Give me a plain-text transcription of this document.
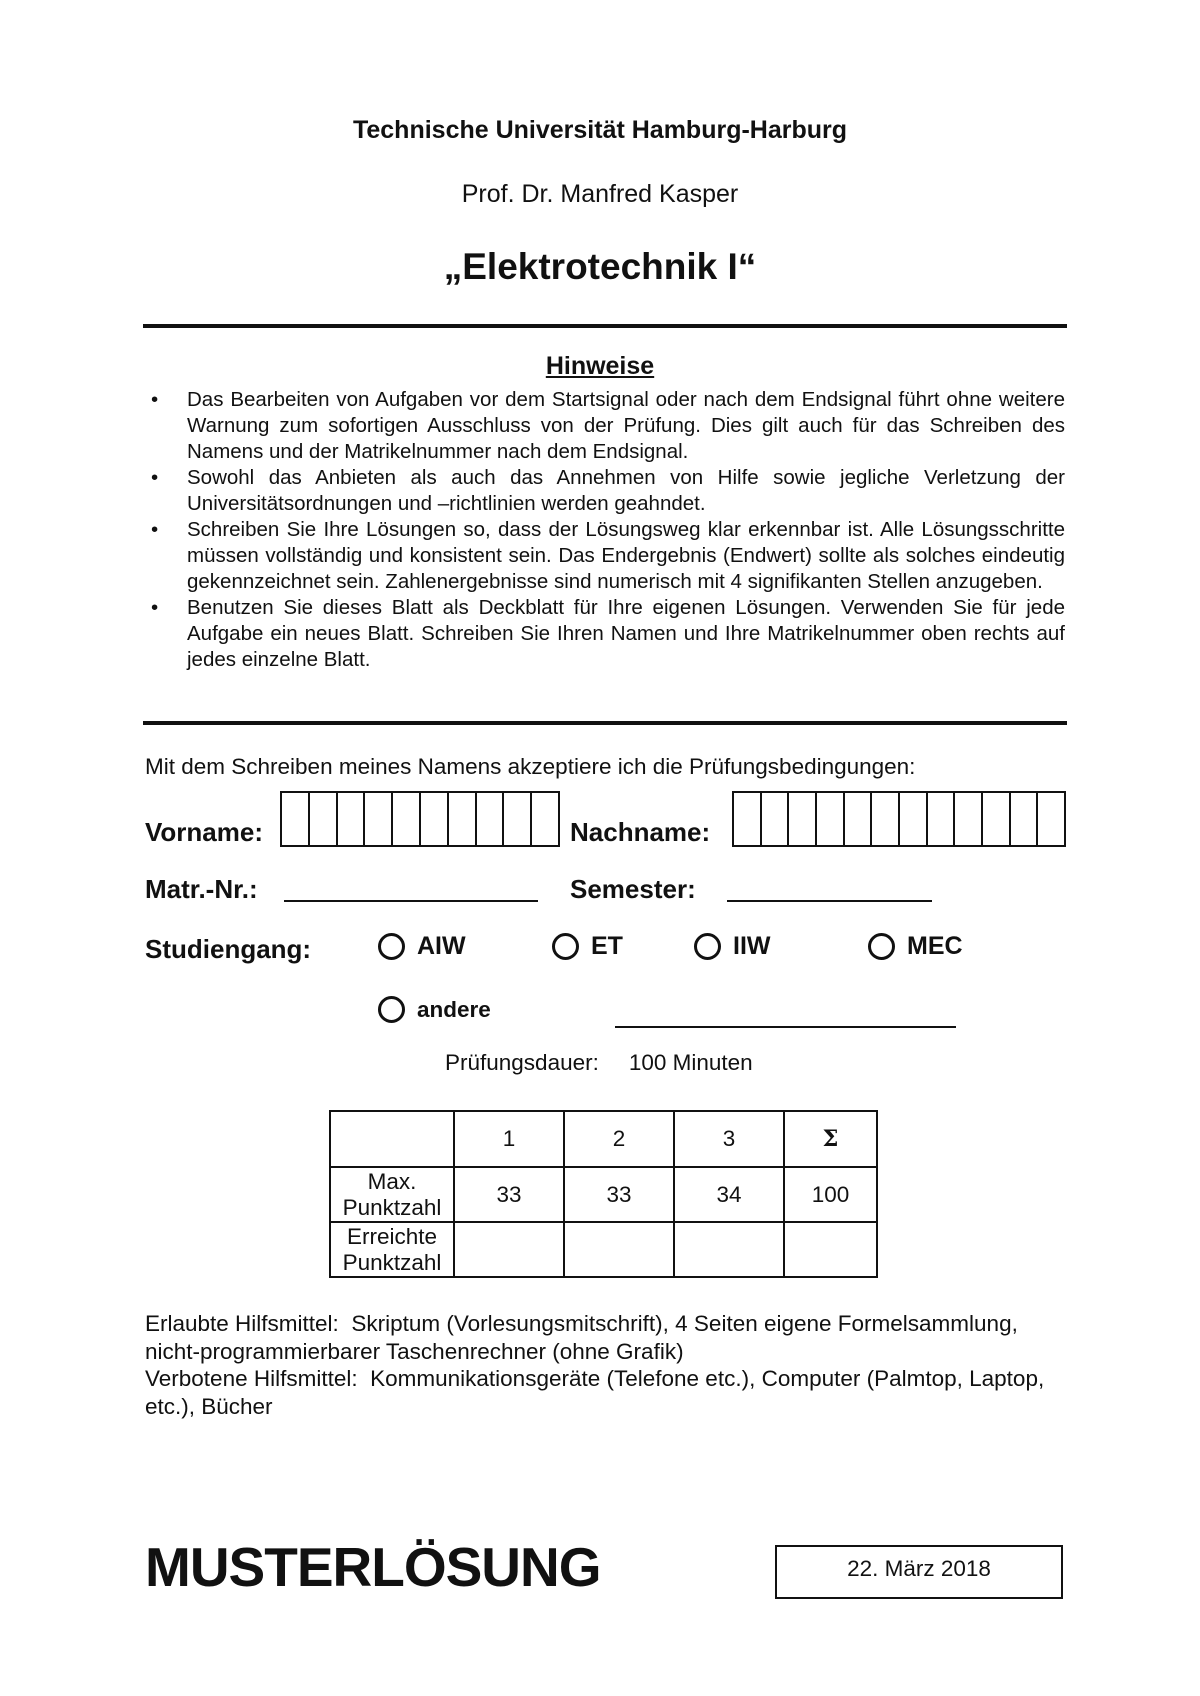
Technische Universität Hamburg-Harburg
Prof. Dr. Manfred Kasper
„Elektrotechnik I“
Hinweise
• Das Bearbeiten von Aufgaben vor dem Startsignal oder nach dem Endsignal führt ohne weitere Warnung zum sofortigen Ausschluss von der Prüfung. Dies gilt auch für das Schreiben des Namens und der Matrikelnummer nach dem Endsignal.
• Sowohl das Anbieten als auch das Annehmen von Hilfe sowie jegliche Verletzung der Universitätsordnungen und –richtlinien werden geahndet.
• Schreiben Sie Ihre Lösungen so, dass der Lösungsweg klar erkennbar ist. Alle Lösungsschritte müssen vollständig und konsistent sein. Das Endergebnis (Endwert) sollte als solches eindeutig gekennzeichnet sein. Zahlenergebnisse sind numerisch mit 4 signifikanten Stellen anzugeben.
• Benutzen Sie dieses Blatt als Deckblatt für Ihre eigenen Lösungen. Verwenden Sie für jede Aufgabe ein neues Blatt. Schreiben Sie Ihren Namen und Ihre Matrikelnummer oben rechts auf jedes einzelne Blatt.
Mit dem Schreiben meines Namens akzeptiere ich die Prüfungsbedingungen:
Vorname:	Nachname:
Matr.-Nr.:	Semester:
Studiengang:	AIW	ET	IIW	MEC
andere
Prüfungsdauer: 100 Minuten
	1	2	3	Σ
Max. Punktzahl	33	33	34	100
Erreichte Punktzahl				
Erlaubte Hilfsmittel: Skriptum (Vorlesungsmitschrift), 4 Seiten eigene Formelsammlung, nicht-programmierbarer Taschenrechner (ohne Grafik)
Verbotene Hilfsmittel: Kommunikationsgeräte (Telefone etc.), Computer (Palmtop, Laptop, etc.), Bücher
MUSTERLÖSUNG	22. März 2018
